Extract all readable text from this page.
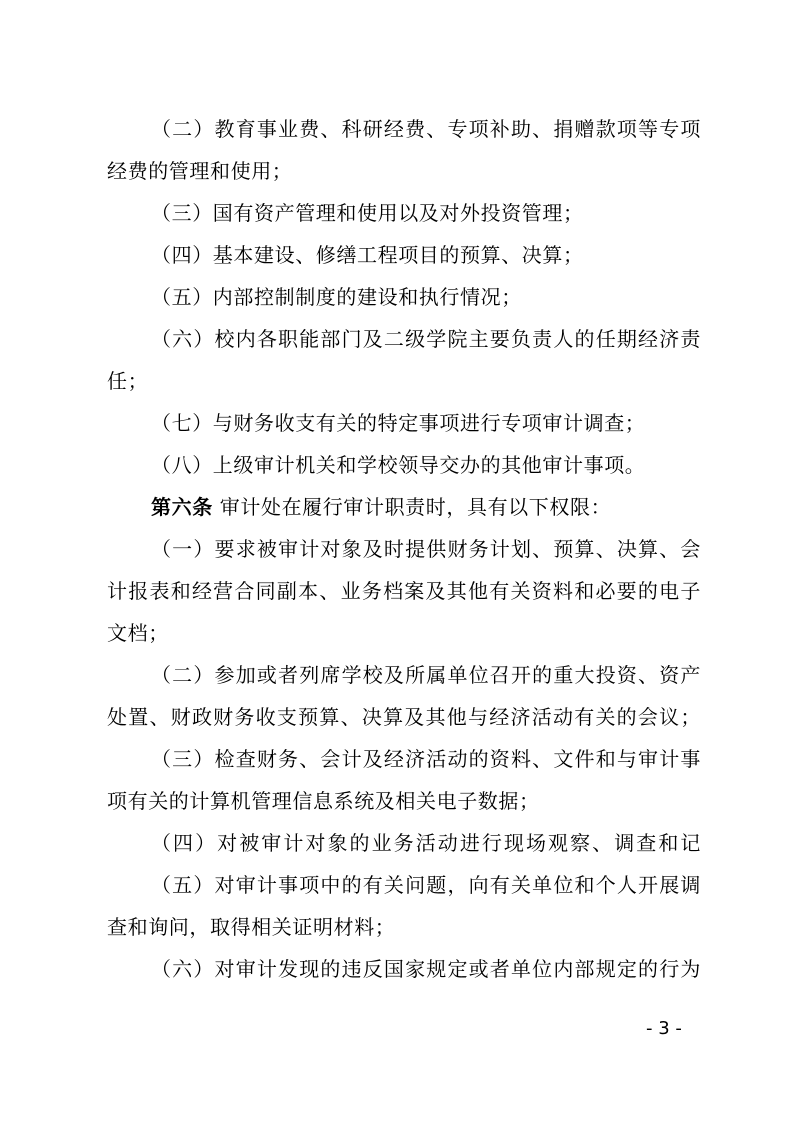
（二）教育事业费、科研经费、专项补助、捐赠款项等专项
经费的管理和使用；
（三）国有资产管理和使用以及对外投资管理；
（四）基本建设、修缮工程项目的预算、决算；
（五）内部控制制度的建设和执行情况；
（六）校内各职能部门及二级学院主要负责人的任期经济责
任；
（七）与财务收支有关的特定事项进行专项审计调查；
（八）上级审计机关和学校领导交办的其他审计事项。
第六条 审计处在履行审计职责时，具有以下权限：
（一）要求被审计对象及时提供财务计划、预算、决算、会
计报表和经营合同副本、业务档案及其他有关资料和必要的电子
文档；
（二）参加或者列席学校及所属单位召开的重大投资、资产
处置、财政财务收支预算、决算及其他与经济活动有关的会议；
（三）检查财务、会计及经济活动的资料、文件和与审计事
项有关的计算机管理信息系统及相关电子数据；
（四）对被审计对象的业务活动进行现场观察、调查和记
（五）对审计事项中的有关问题，向有关单位和个人开展调
查和询问，取得相关证明材料；
（六）对审计发现的违反国家规定或者单位内部规定的行为
- 3 -
